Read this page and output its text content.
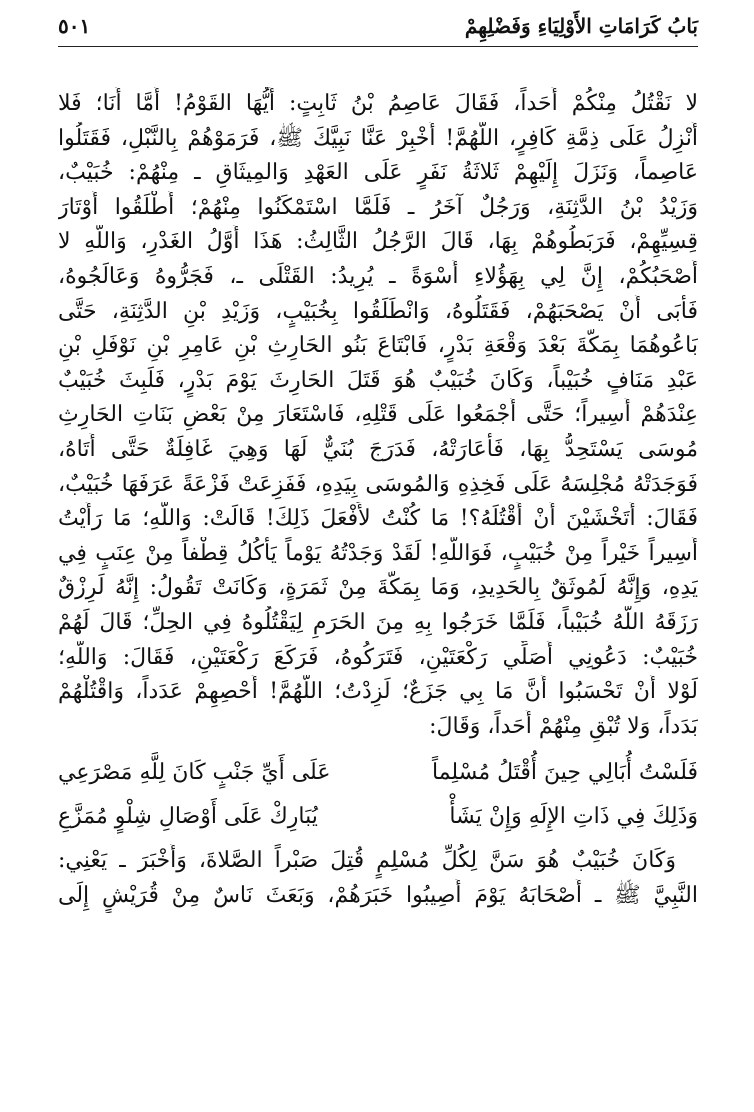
بَابُ كَرَامَاتِ الأَوْلِيَاءِ وَفَضْلِهِمْ
٥٠١
لا نَقْتُلُ مِنْكُمْ أَحَداً، فَقَالَ عَاصِمُ بْنُ ثَابِتٍ: أَيُّهَا القَوْمُ! أَمَّا أَنَا؛ فَلا
أَنْزِلُ عَلَى ذِمَّةِ كَافِرٍ، اللَّهُمَّ! أَخْبِرْ عَنَّا نَبِيَّكَ ﷺ، فَرَمَوْهُمْ بِالنَّبْلِ، فَقَتَلُوا
عَاصِماً، وَنَزَلَ إِلَيْهِمْ ثَلاثَةُ نَفَرٍ عَلَى العَهْدِ وَالمِيثَاقِ ـ مِنْهُمْ: خُبَيْبٌ،
وَزَيْدُ بْنُ الدَّثِنَةِ، وَرَجُلٌ آخَرُ ـ فَلَمَّا اسْتَمْكَنُوا مِنْهُمْ؛ أَطْلَقُوا أَوْتَارَ
قِسِيِّهِمْ، فَرَبَطُوهُمْ بِهَا، قَالَ الرَّجُلُ الثَّالِثُ: هَذَا أَوَّلُ الغَدْرِ، وَاللَّهِ لا
أَصْحَبُكُمْ، إِنَّ لِي بِهَؤُلاءِ أُسْوَةً ـ يُرِيدُ: القَتْلَى ـ، فَجَرُّوهُ وَعَالَجُوهُ،
فَأَبَى أَنْ يَصْحَبَهُمْ، فَقَتَلُوهُ، وَانْطَلَقُوا بِخُبَيْبٍ، وَزَيْدِ بْنِ الدَّثِنَةِ، حَتَّى
بَاعُوهُمَا بِمَكَّةَ بَعْدَ وَقْعَةِ بَدْرٍ، فَابْتَاعَ بَنُو الحَارِثِ بْنِ عَامِرِ بْنِ نَوْفَلِ بْنِ
عَبْدِ مَنَافٍ خُبَيْباً، وَكَانَ خُبَيْبٌ هُوَ قَتَلَ الحَارِثَ يَوْمَ بَدْرٍ، فَلَبِثَ خُبَيْبٌ
عِنْدَهُمْ أَسِيراً؛ حَتَّى أَجْمَعُوا عَلَى قَتْلِهِ، فَاسْتَعَارَ مِنْ بَعْضِ بَنَاتِ الحَارِثِ
مُوسَى يَسْتَحِدُّ بِهَا، فَأَعَارَتْهُ، فَدَرَجَ بُنَيٌّ لَهَا وَهِيَ غَافِلَةٌ حَتَّى أَتَاهُ،
فَوَجَدَتْهُ مُجْلِسَهُ عَلَى فَخِذِهِ وَالمُوسَى بِيَدِهِ، فَفَزِعَتْ فَزْعَةً عَرَفَهَا خُبَيْبٌ،
فَقَالَ: أَتَخْشَيْنَ أَنْ أَقْتُلَهُ؟! مَا كُنْتُ لأَفْعَلَ ذَلِكَ! قَالَتْ: وَاللَّهِ؛ مَا رَأَيْتُ
أَسِيراً خَيْراً مِنْ خُبَيْبٍ، فَوَاللَّهِ! لَقَدْ وَجَدْتُهُ يَوْماً يَأْكُلُ قِطْفاً مِنْ عِنَبٍ فِي
يَدِهِ، وَإِنَّهُ لَمُوثَقٌ بِالحَدِيدِ، وَمَا بِمَكَّةَ مِنْ ثَمَرَةٍ، وَكَانَتْ تَقُولُ: إِنَّهُ لَرِزْقٌ
رَزَقَهُ اللَّهُ خُبَيْباً، فَلَمَّا خَرَجُوا بِهِ مِنَ الحَرَمِ لِيَقْتُلُوهُ فِي الحِلِّ؛ قَالَ لَهُمْ
خُبَيْبٌ: دَعُونِي أُصَلِّي رَكْعَتَيْنِ، فَتَرَكُوهُ، فَرَكَعَ رَكْعَتَيْنِ، فَقَالَ: وَاللَّهِ؛
لَوْلا أَنْ تَحْسَبُوا أَنَّ مَا بِي جَزَعٌ؛ لَزِدْتُ؛ اللَّهُمَّ! أَحْصِهِمْ عَدَداً، وَاقْتُلْهُمْ
بَدَداً، وَلا تُبْقِ مِنْهُمْ أَحَداً، وَقَالَ:
فَلَسْتُ أُبَالِي حِينَ أُقْتَلُ مُسْلِماً
عَلَى أَيِّ جَنْبٍ كَانَ لِلَّهِ مَصْرَعِي
وَذَلِكَ فِي ذَاتِ الإِلَهِ وَإِنْ يَشَأْ
يُبَارِكْ عَلَى أَوْصَالِ شِلْوٍ مُمَزَّعِ
وَكَانَ خُبَيْبٌ هُوَ سَنَّ لِكُلِّ مُسْلِمٍ قُتِلَ صَبْراً الصَّلاةَ، وَأَخْبَرَ ـ يَعْنِي:
النَّبِيَّ ﷺ ـ أَصْحَابَهُ يَوْمَ أُصِيبُوا خَبَرَهُمْ، وَبَعَثَ نَاسٌ مِنْ قُرَيْشٍ إِلَى
